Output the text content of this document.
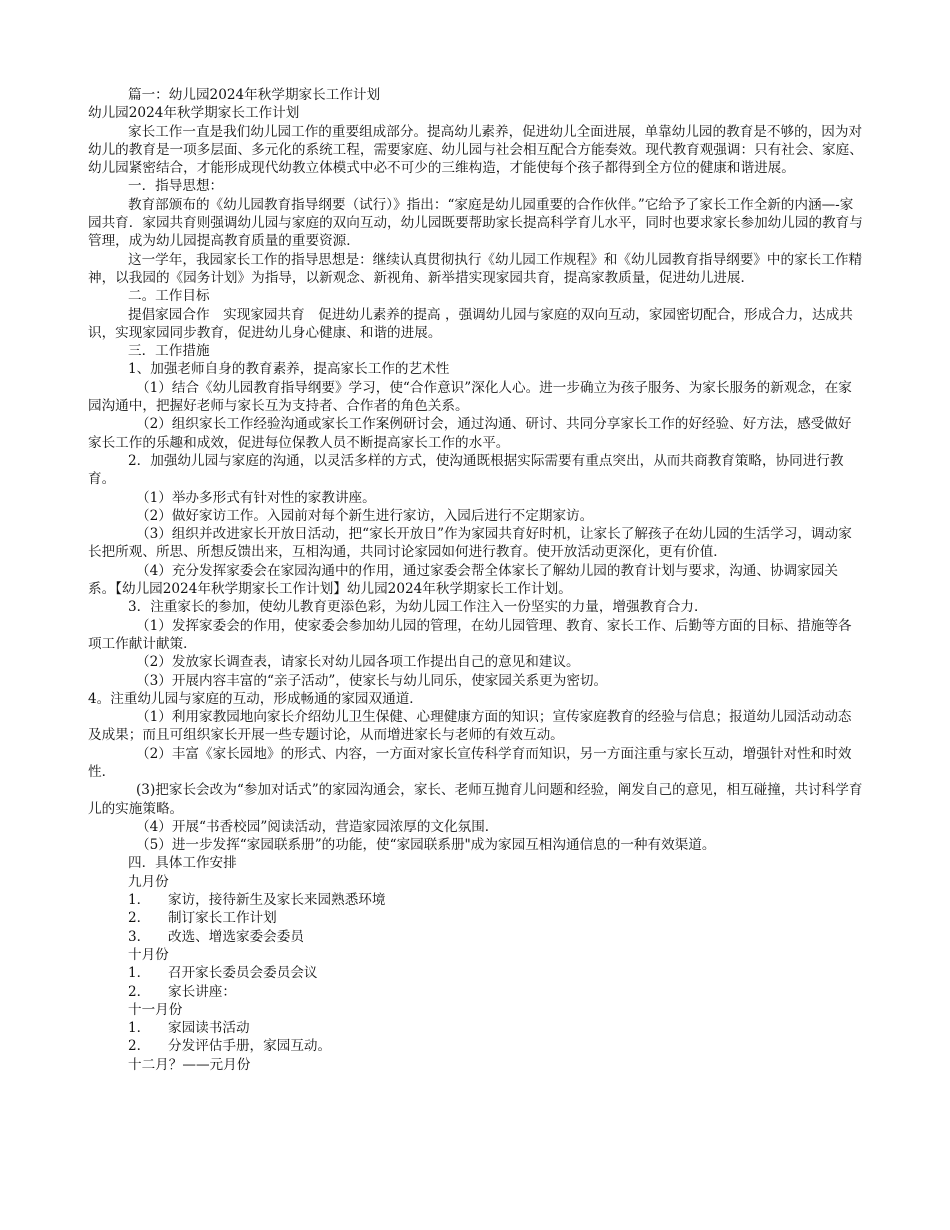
篇一：幼儿园2024年秋学期家长工作计划

幼儿园2024年秋学期家长工作计划

家长工作一直是我们幼儿园工作的重要组成部分。提高幼儿素养，促进幼儿全面进展，单靠幼儿园的教育是不够的，因为对幼儿的教育是一项多层面、多元化的系统工程，需要家庭、幼儿园与社会相互配合方能奏效。现代教育观强调：只有社会、家庭、幼儿园紧密结合，才能形成现代幼教立体模式中必不可少的三维构造，才能使每个孩子都得到全方位的健康和谐进展。

一．指导思想：

教育部颁布的《幼儿园教育指导纲要（试行）》指出：“家庭是幼儿园重要的合作伙伴。”它给予了家长工作全新的内涵—-家园共育．家园共育则强调幼儿园与家庭的双向互动，幼儿园既要帮助家长提高科学育儿水平，同时也要求家长参加幼儿园的教育与管理，成为幼儿园提高教育质量的重要资源．

这一学年，我园家长工作的指导思想是：继续认真贯彻执行《幼儿园工作规程》和《幼儿园教育指导纲要》中的家长工作精神，以我园的《园务计划》为指导，以新观念、新视角、新举措实现家园共育，提高家教质量，促进幼儿进展．

二。工作目标

提倡家园合作　实现家园共育　促进幼儿素养的提高 ，强调幼儿园与家庭的双向互动，家园密切配合，形成合力，达成共识，实现家园同步教育，促进幼儿身心健康、和谐的进展。

三．工作措施

1、加强老师自身的教育素养，提高家长工作的艺术性

（1）结合《幼儿园教育指导纲要》学习，使“合作意识”深化人心。进一步确立为孩子服务、为家长服务的新观念，在家园沟通中，把握好老师与家长互为支持者、合作者的角色关系。

（2）组织家长工作经验沟通或家长工作案例研讨会，通过沟通、研讨、共同分享家长工作的好经验、好方法，感受做好家长工作的乐趣和成效，促进每位保教人员不断提高家长工作的水平。

2．加强幼儿园与家庭的沟通，以灵活多样的方式，使沟通既根据实际需要有重点突出，从而共商教育策略，协同进行教育。

（1）举办多形式有针对性的家教讲座。

（2）做好家访工作。入园前对每个新生进行家访，入园后进行不定期家访。

（3）组织并改进家长开放日活动，把“家长开放日”作为家园共育好时机，让家长了解孩子在幼儿园的生活学习，调动家长把所观、所思、所想反馈出来，互相沟通，共同讨论家园如何进行教育。使开放活动更深化，更有价值．

（4）充分发挥家委会在家园沟通中的作用，通过家委会帮全体家长了解幼儿园的教育计划与要求，沟通、协调家园关系。【幼儿园2024年秋学期家长工作计划】幼儿园2024年秋学期家长工作计划。

3．注重家长的参加，使幼儿教育更添色彩，为幼儿园工作注入一份坚实的力量，增强教育合力．

（1）发挥家委会的作用，使家委会参加幼儿园的管理，在幼儿园管理、教育、家长工作、后勤等方面的目标、措施等各项工作献计献策．

（2）发放家长调查表，请家长对幼儿园各项工作提出自己的意见和建议。

（3）开展内容丰富的“亲子活动”，使家长与幼儿同乐，使家园关系更为密切。

4。注重幼儿园与家庭的互动，形成畅通的家园双通道．

（1）利用家教园地向家长介绍幼儿卫生保健、心理健康方面的知识；宣传家庭教育的经验与信息；报道幼儿园活动动态及成果；而且可组织家长开展一些专题讨论，从而增进家长与老师的有效互动。

（2）丰富《家长园地》的形式、内容，一方面对家长宣传科学育而知识，另一方面注重与家长互动，增强针对性和时效性．

(3)把家长会改为“参加对话式”的家园沟通会，家长、老师互抛育儿问题和经验，阐发自己的意见，相互碰撞，共讨科学育儿的实施策略。

（4）开展“书香校园”阅读活动，营造家园浓厚的文化氛围．

（5）进一步发挥“家园联系册”的功能，使“家园联系册"成为家园互相沟通信息的一种有效渠道。

四．具体工作安排

九月份

1． 家访，接待新生及家长来园熟悉环境

2． 制订家长工作计划

3． 改选、增选家委会委员

十月份

1． 召开家长委员会委员会议

2． 家长讲座：

十一月份

1． 家园读书活动

2． 分发评估手册，家园互动。

十二月？——元月份
